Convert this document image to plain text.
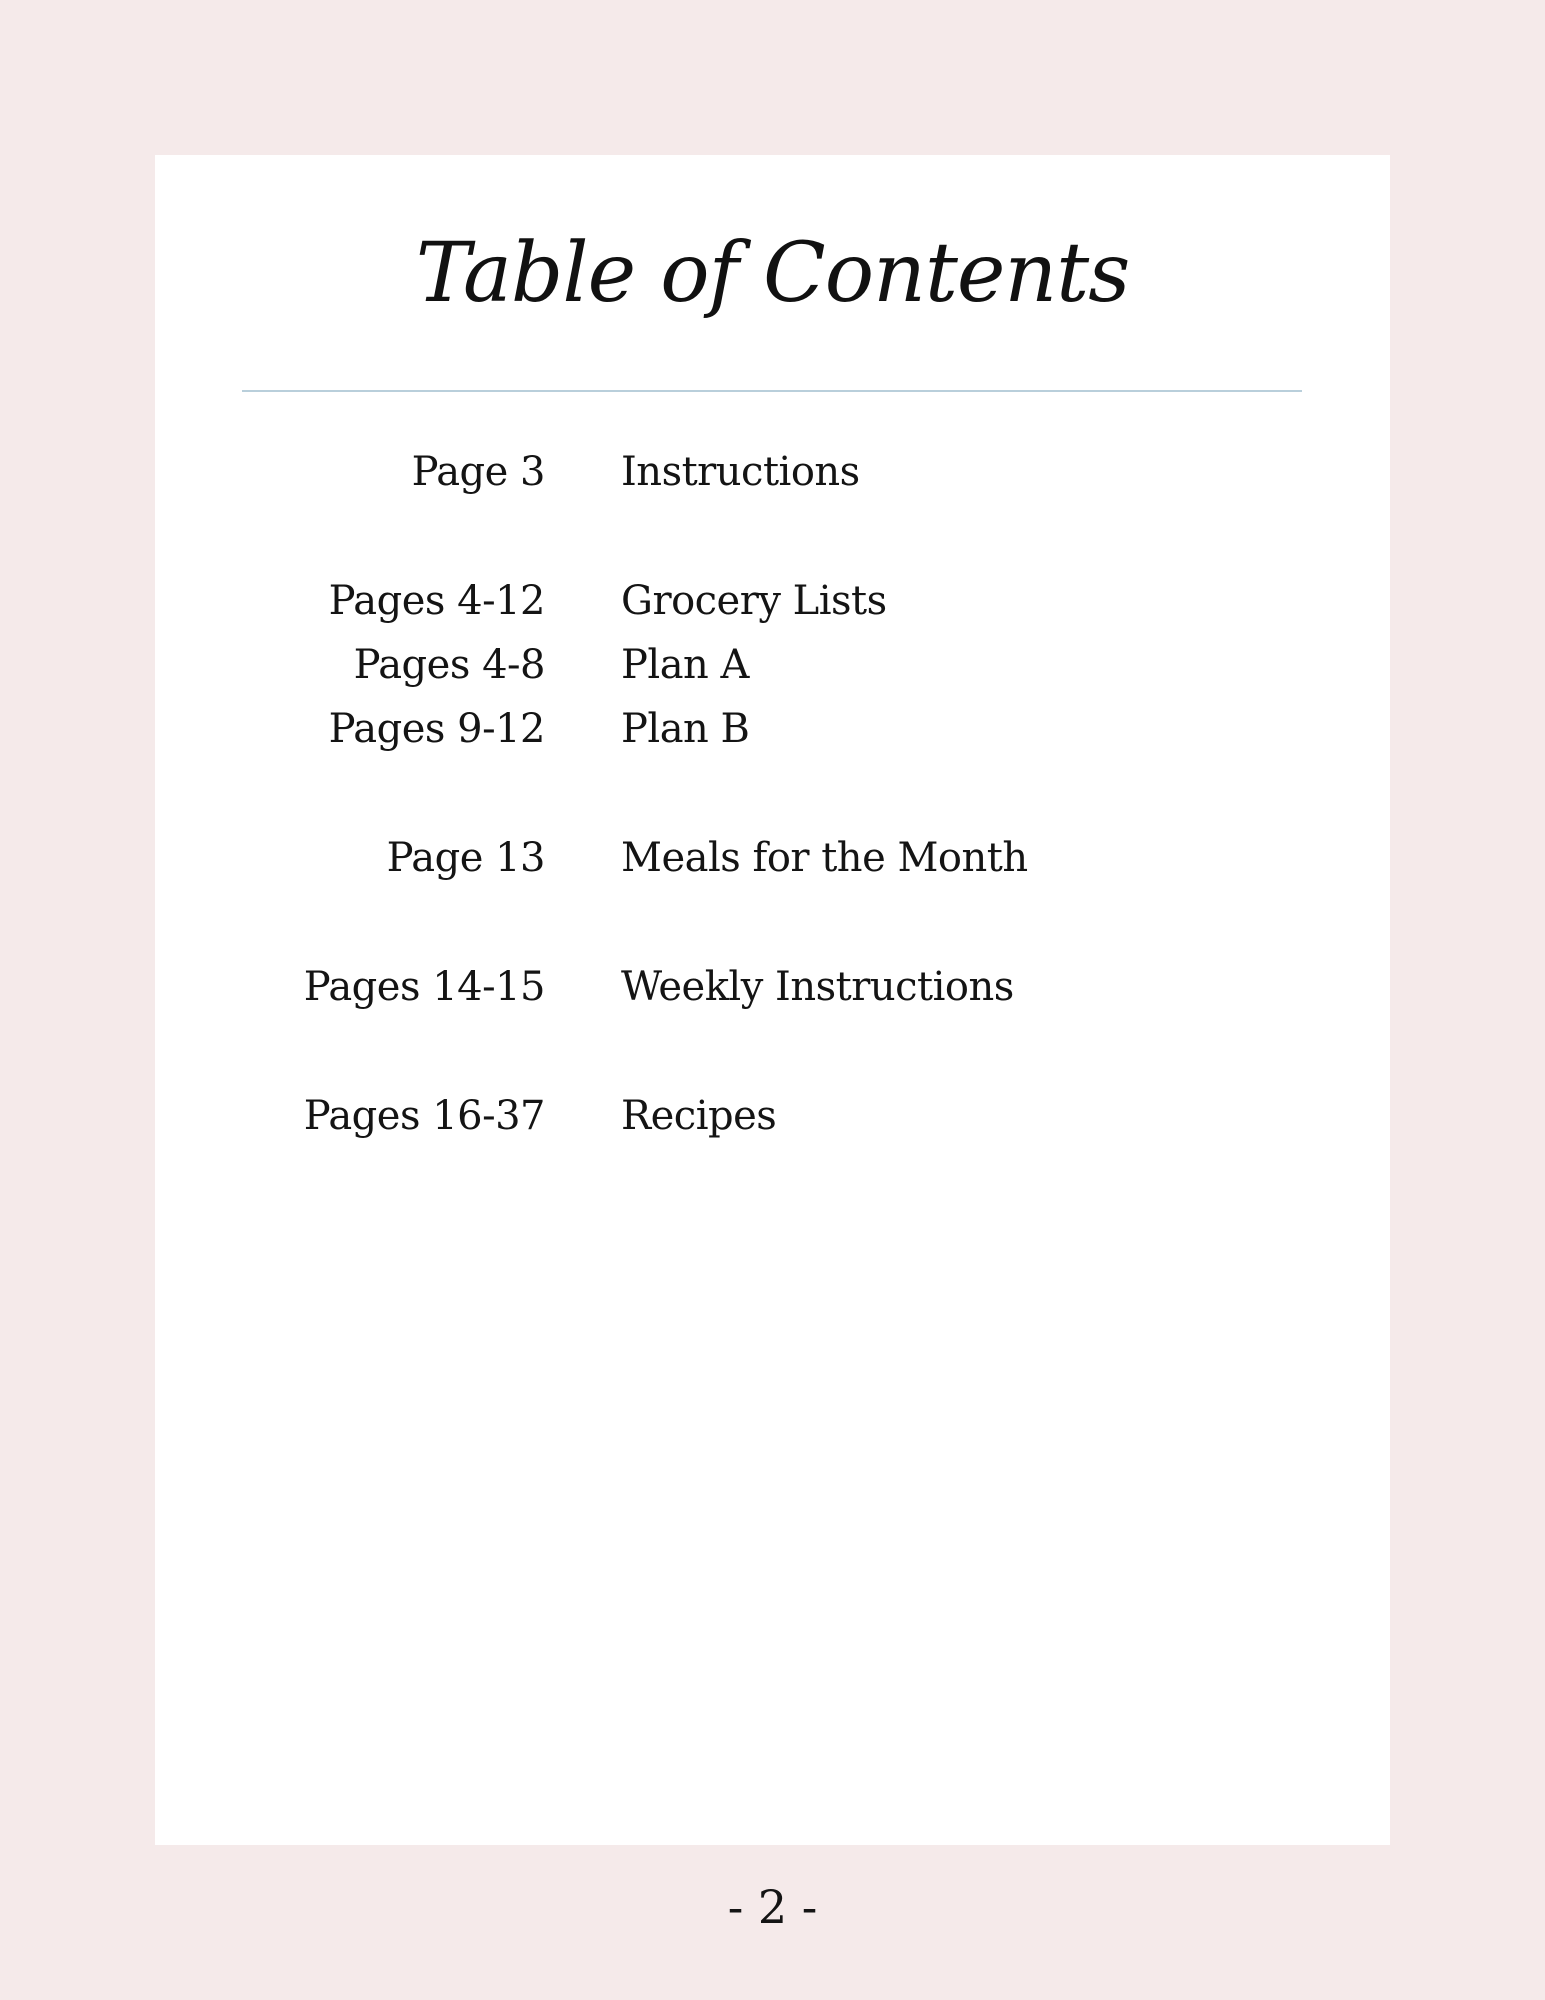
Table of Contents
Page 3 Instructions
Pages 4-12 Grocery Lists
Pages 4-8 Plan A
Pages 9-12 Plan B
Page 13 Meals for the Month
Pages 14-15 Weekly Instructions
Pages 16-37 Recipes
- 2 -
